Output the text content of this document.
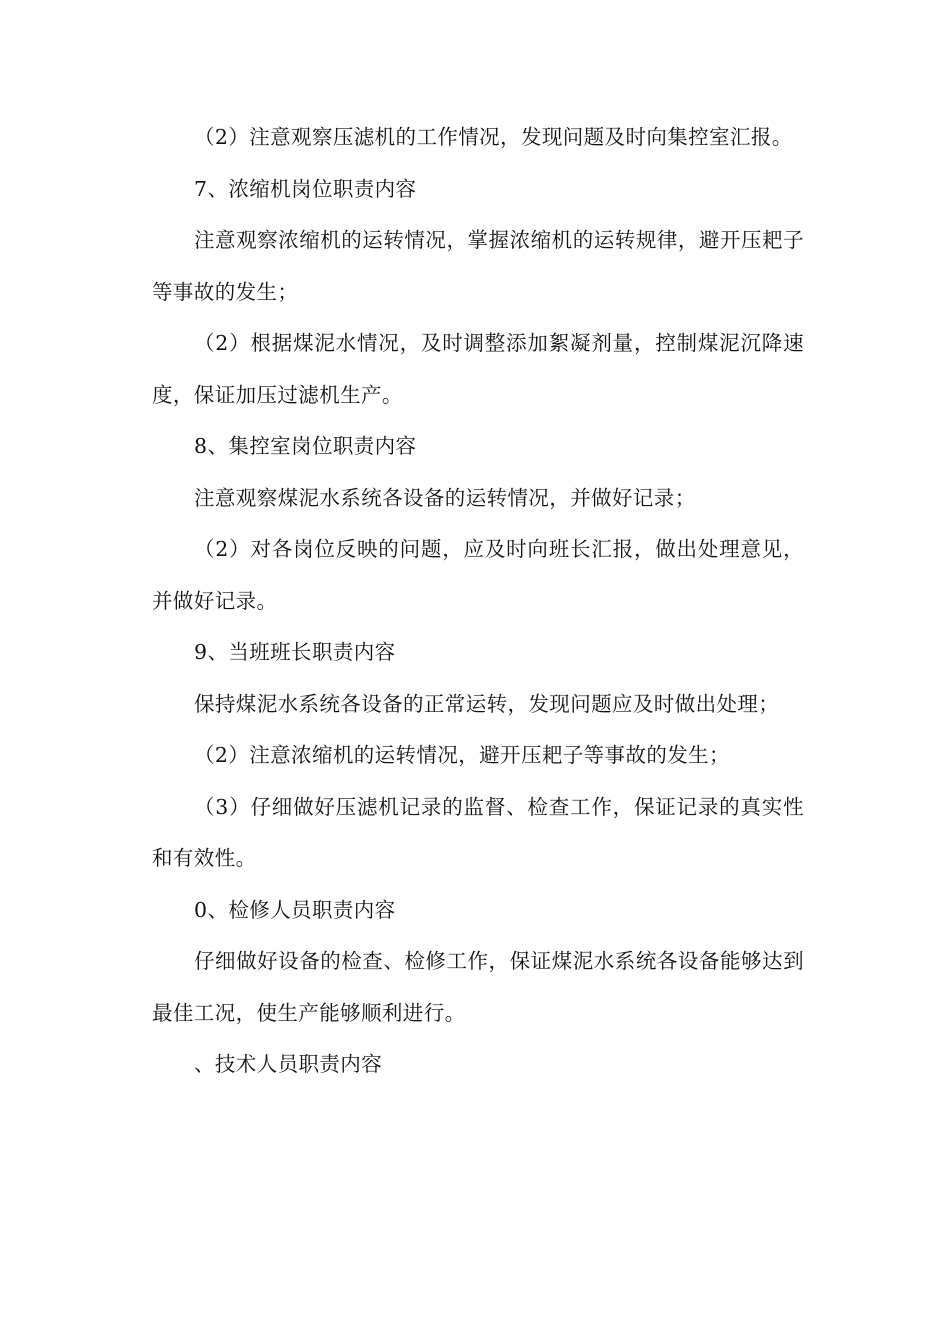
（2）注意观察压滤机的工作情况，发现问题及时向集控室汇报。

7、浓缩机岗位职责内容

注意观察浓缩机的运转情况，掌握浓缩机的运转规律，避开压耙子等事故的发生；

（2）根据煤泥水情况，及时调整添加絮凝剂量，控制煤泥沉降速度，保证加压过滤机生产。

8、集控室岗位职责内容

注意观察煤泥水系统各设备的运转情况，并做好记录；

（2）对各岗位反映的问题，应及时向班长汇报，做出处理意见，并做好记录。

9、当班班长职责内容

保持煤泥水系统各设备的正常运转，发现问题应及时做出处理；

（2）注意浓缩机的运转情况，避开压耙子等事故的发生；

（3）仔细做好压滤机记录的监督、检查工作，保证记录的真实性和有效性。

0、检修人员职责内容

仔细做好设备的检查、检修工作，保证煤泥水系统各设备能够达到最佳工况，使生产能够顺利进行。

、技术人员职责内容
